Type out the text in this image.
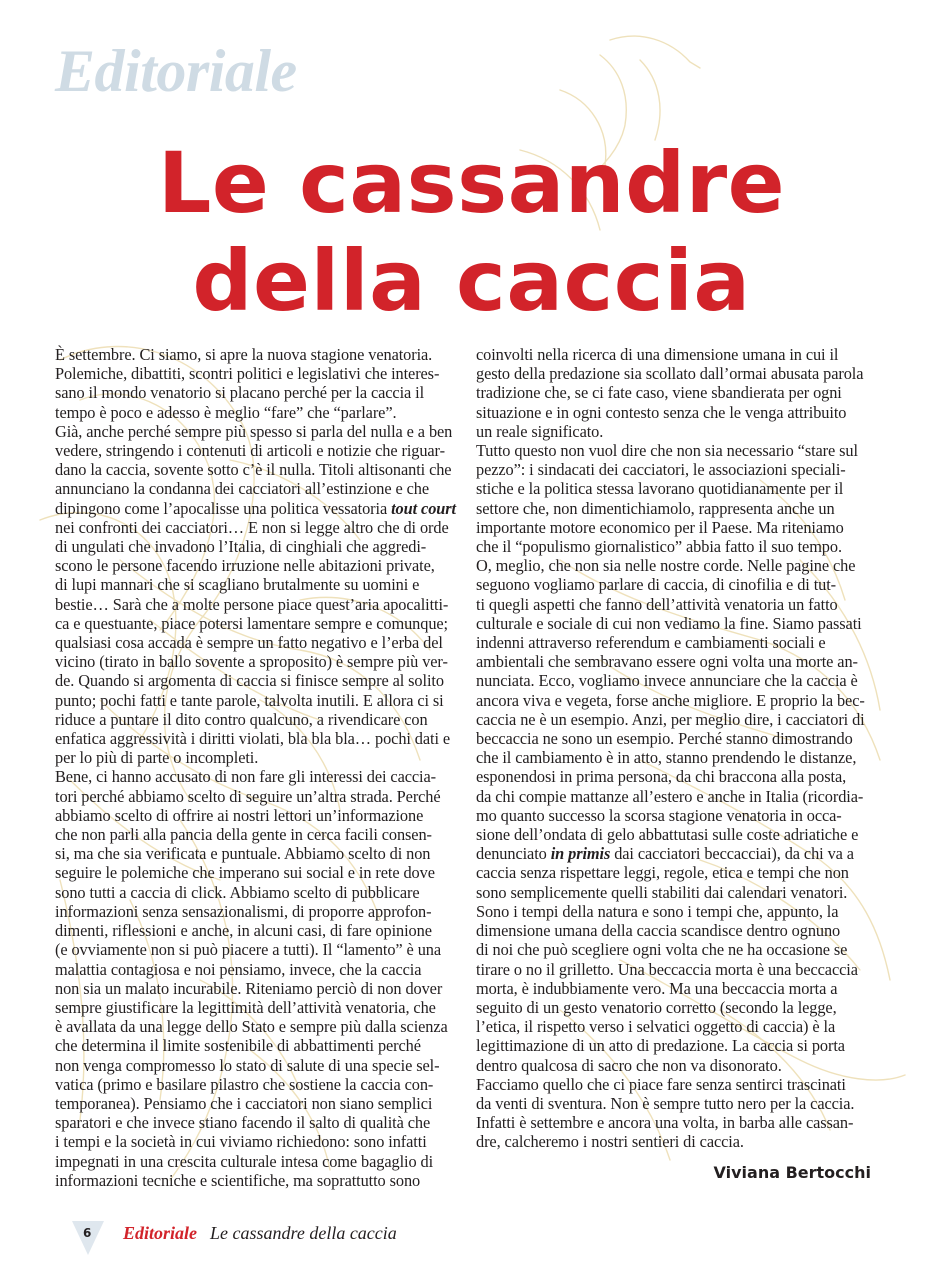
Editoriale
Le cassandre
della caccia

È settembre. Ci siamo, si apre la nuova stagione venatoria.
Polemiche, dibattiti, scontri politici e legislativi che interes-
sano il mondo venatorio si placano perché per la caccia il
tempo è poco e adesso è meglio “fare” che “parlare”.

Già, anche perché sempre più spesso si parla del nulla e a ben
vedere, stringendo i contenuti di articoli e notizie che riguar-
dano la caccia, sovente sotto c’è il nulla. Titoli altisonanti che
annunciano la condanna dei cacciatori all’estinzione e che
dipingono come l’apocalisse una politica vessatoria tout court
nei confronti dei cacciatori… E non si legge altro che di orde
di ungulati che invadono l’Italia, di cinghiali che aggredi-
scono le persone facendo irruzione nelle abitazioni private,
di lupi mannari che si scagliano brutalmente su uomini e
bestie… Sarà che a molte persone piace quest’aria apocalitti-
ca e questuante, piace potersi lamentare sempre e comunque;
qualsiasi cosa accada è sempre un fatto negativo e l’erba del
vicino (tirato in ballo sovente a sproposito) è sempre più ver-
de. Quando si argomenta di caccia si finisce sempre al solito
punto; pochi fatti e tante parole, talvolta inutili. E allora ci si
riduce a puntare il dito contro qualcuno, a rivendicare con
enfatica aggressività i diritti violati, bla bla bla… pochi dati e
per lo più di parte o incompleti.

Bene, ci hanno accusato di non fare gli interessi dei caccia-
tori perché abbiamo scelto di seguire un’altra strada. Perché
abbiamo scelto di offrire ai nostri lettori un’informazione
che non parli alla pancia della gente in cerca facili consen-
si, ma che sia verificata e puntuale. Abbiamo scelto di non
seguire le polemiche che imperano sui social e in rete dove
sono tutti a caccia di click. Abbiamo scelto di pubblicare
informazioni senza sensazionalismi, di proporre approfon-
dimenti, riflessioni e anche, in alcuni casi, di fare opinione
(e ovviamente non si può piacere a tutti). Il “lamento” è una
malattia contagiosa e noi pensiamo, invece, che la caccia
non sia un malato incurabile. Riteniamo perciò di non dover
sempre giustificare la legittimità dell’attività venatoria, che
è avallata da una legge dello Stato e sempre più dalla scienza
che determina il limite sostenibile di abbattimenti perché
non venga compromesso lo stato di salute di una specie sel-
vatica (primo e basilare pilastro che sostiene la caccia con-
temporanea). Pensiamo che i cacciatori non siano semplici
sparatori e che invece stiano facendo il salto di qualità che
i tempi e la società in cui viviamo richiedono: sono infatti
impegnati in una crescita culturale intesa come bagaglio di
informazioni tecniche e scientifiche, ma soprattutto sono

coinvolti nella ricerca di una dimensione umana in cui il
gesto della predazione sia scollato dall’ormai abusata parola
tradizione che, se ci fate caso, viene sbandierata per ogni
situazione e in ogni contesto senza che le venga attribuito
un reale significato.

Tutto questo non vuol dire che non sia necessario “stare sul
pezzo”: i sindacati dei cacciatori, le associazioni speciali-
stiche e la politica stessa lavorano quotidianamente per il
settore che, non dimentichiamolo, rappresenta anche un
importante motore economico per il Paese. Ma riteniamo
che il “populismo giornalistico” abbia fatto il suo tempo.
O, meglio, che non sia nelle nostre corde. Nelle pagine che
seguono vogliamo parlare di caccia, di cinofilia e di tut-
ti quegli aspetti che fanno dell’attività venatoria un fatto
culturale e sociale di cui non vediamo la fine. Siamo passati
indenni attraverso referendum e cambiamenti sociali e
ambientali che sembravano essere ogni volta una morte an-
nunciata. Ecco, vogliamo invece annunciare che la caccia è
ancora viva e vegeta, forse anche migliore. E proprio la bec-
caccia ne è un esempio. Anzi, per meglio dire, i cacciatori di
beccaccia ne sono un esempio. Perché stanno dimostrando
che il cambiamento è in atto, stanno prendendo le distanze,
esponendosi in prima persona, da chi braccona alla posta,
da chi compie mattanze all’estero e anche in Italia (ricordia-
mo quanto successo la scorsa stagione venatoria in occa-
sione dell’ondata di gelo abbattutasi sulle coste adriatiche e
denunciato in primis dai cacciatori beccacciai), da chi va a
caccia senza rispettare leggi, regole, etica e tempi che non
sono semplicemente quelli stabiliti dai calendari venatori.
Sono i tempi della natura e sono i tempi che, appunto, la
dimensione umana della caccia scandisce dentro ognuno
di noi che può scegliere ogni volta che ne ha occasione se
tirare o no il grilletto. Una beccaccia morta è una beccaccia
morta, è indubbiamente vero. Ma una beccaccia morta a
seguito di un gesto venatorio corretto (secondo la legge,
l’etica, il rispetto verso i selvatici oggetto di caccia) è la
legittimazione di un atto di predazione. La caccia si porta
dentro qualcosa di sacro che non va disonorato.

Facciamo quello che ci piace fare senza sentirci trascinati
da venti di sventura. Non è sempre tutto nero per la caccia.
Infatti è settembre e ancora una volta, in barba alle cassan-
dre, calcheremo i nostri sentieri di caccia.

Viviana Bertocchi
6 Editoriale Le cassandre della caccia
